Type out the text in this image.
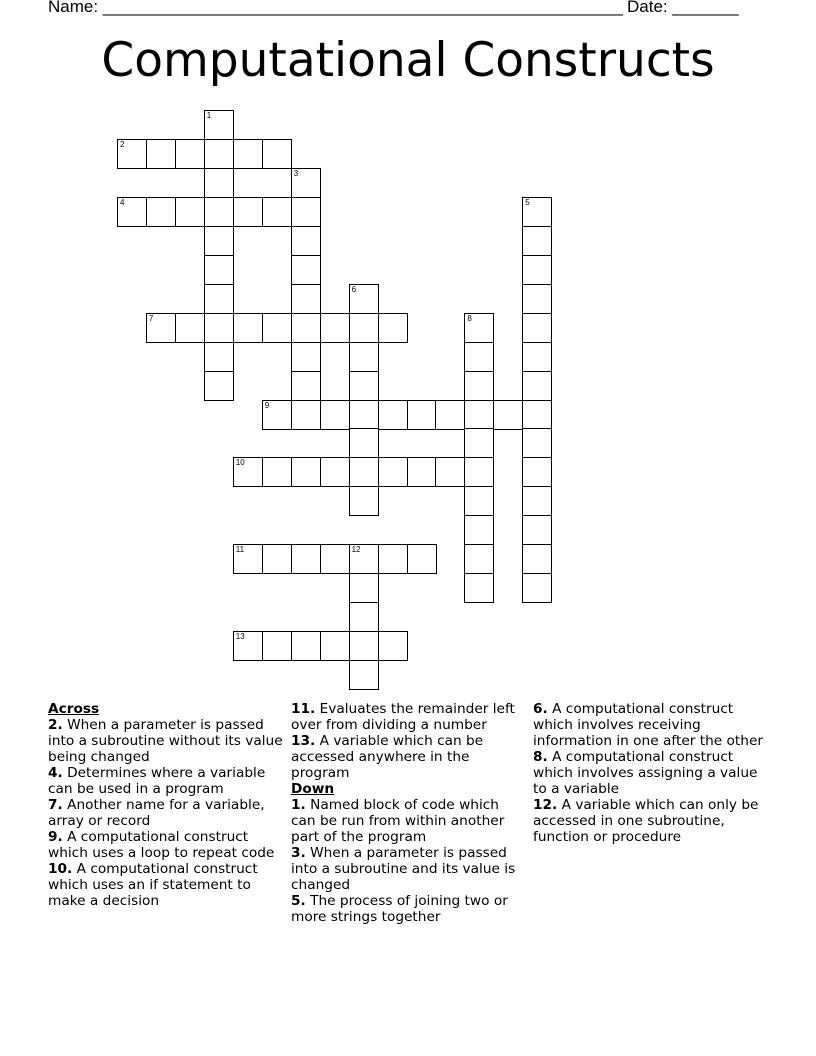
Name: _______________________________________________________ Date: _______
Computational Constructs
2
4
7
9
10
11	12
13
1
3
5
6
8
Across
2. When a parameter is passed into a subroutine without its value being changed
4. Determines where a variable can be used in a program
7. Another name for a variable, array or record
9. A computational construct which uses a loop to repeat code
10. A computational construct which uses an if statement to make a decision
11. Evaluates the remainder left over from dividing a number
13. A variable which can be accessed anywhere in the program
Down
1. Named block of code which can be run from within another part of the program
3. When a parameter is passed into a subroutine and its value is changed
5. The process of joining two or more strings together
6. A computational construct which involves receiving information in one after the other
8. A computational construct which involves assigning a value to a variable
12. A variable which can only be accessed in one subroutine, function or procedure
